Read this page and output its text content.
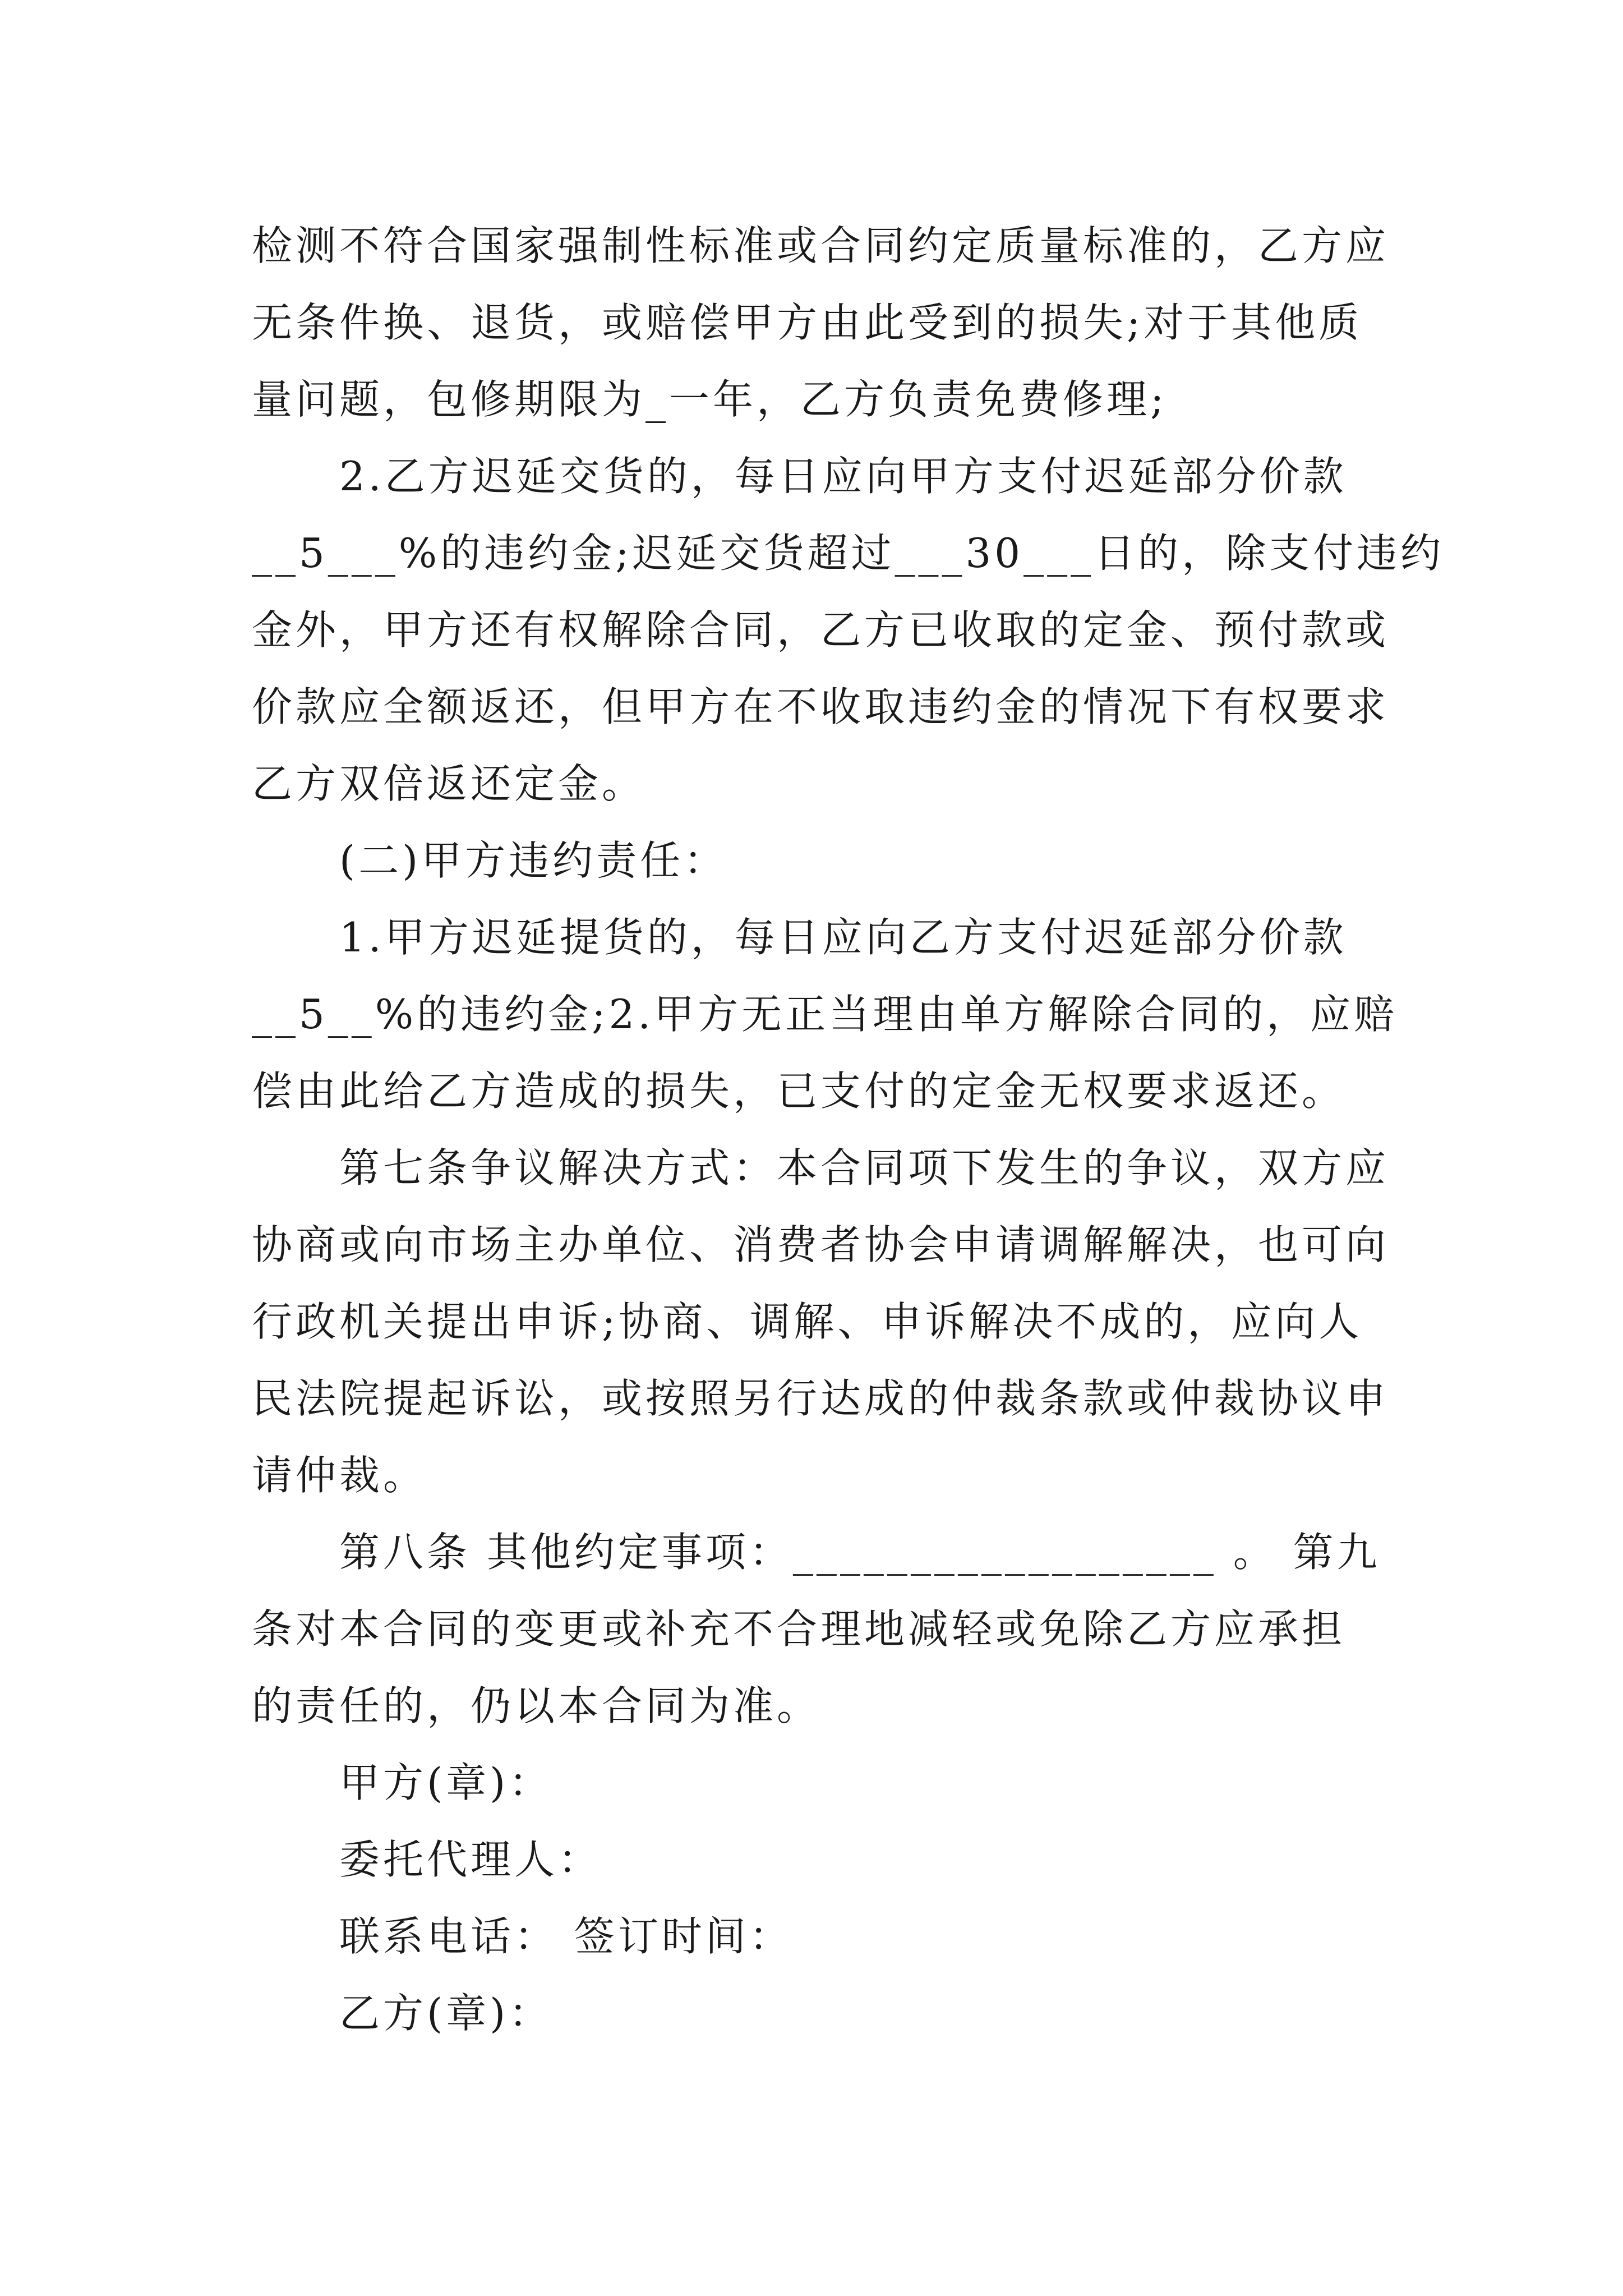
检测不符合国家强制性标准或合同约定质量标准的，乙方应
无条件换、退货，或赔偿甲方由此受到的损失;对于其他质
量问题，包修期限为_一年，乙方负责免费修理;
　　2.乙方迟延交货的，每日应向甲方支付迟延部分价款
__5___%的违约金;迟延交货超过___30___日的，除支付违约
金外，甲方还有权解除合同，乙方已收取的定金、预付款或
价款应全额返还，但甲方在不收取违约金的情况下有权要求
乙方双倍返还定金。
　　(二)甲方违约责任：
　　1.甲方迟延提货的，每日应向乙方支付迟延部分价款
__5__%的违约金;2.甲方无正当理由单方解除合同的，应赔
偿由此给乙方造成的损失，已支付的定金无权要求返还。
　　第七条争议解决方式：本合同项下发生的争议，双方应
协商或向市场主办单位、消费者协会申请调解解决，也可向
行政机关提出申诉;协商、调解、申诉解决不成的，应向人
民法院提起诉讼，或按照另行达成的仲裁条款或仲裁协议申
请仲裁。
　　第八条 其他约定事项：__________________ 。 第九
条对本合同的变更或补充不合理地减轻或免除乙方应承担
的责任的，仍以本合同为准。
甲方(章)：
委托代理人：
联系电话： 签订时间：
乙方(章)：
